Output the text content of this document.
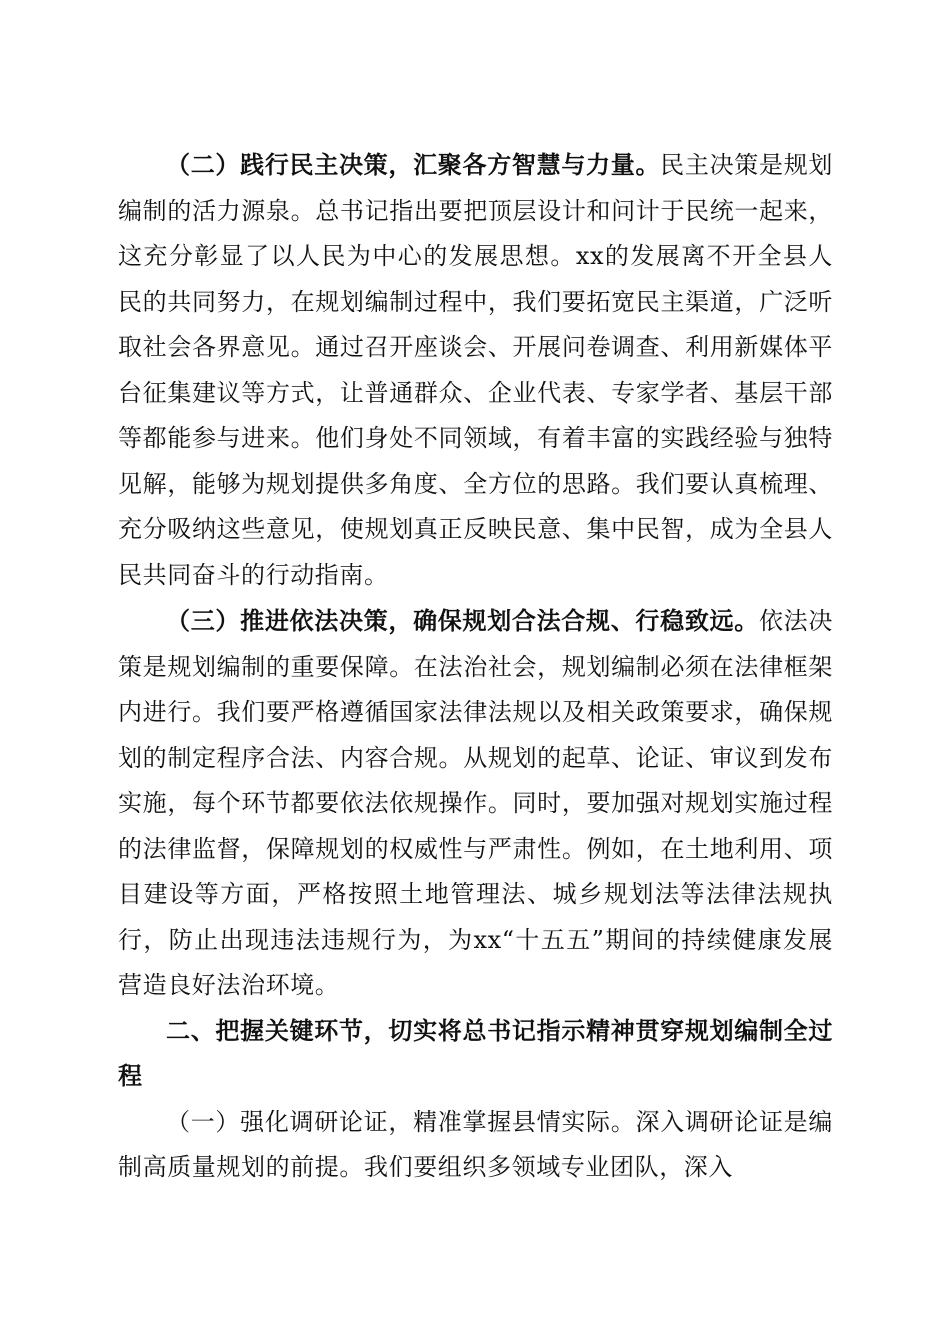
（二）践行民主决策，汇聚各方智慧与力量。民主决策是规划编制的活力源泉。总书记指出要把顶层设计和问计于民统一起来，这充分彰显了以人民为中心的发展思想。xx的发展离不开全县人民的共同努力，在规划编制过程中，我们要拓宽民主渠道，广泛听取社会各界意见。通过召开座谈会、开展问卷调查、利用新媒体平台征集建议等方式，让普通群众、企业代表、专家学者、基层干部等都能参与进来。他们身处不同领域，有着丰富的实践经验与独特见解，能够为规划提供多角度、全方位的思路。我们要认真梳理、充分吸纳这些意见，使规划真正反映民意、集中民智，成为全县人民共同奋斗的行动指南。

（三）推进依法决策，确保规划合法合规、行稳致远。依法决策是规划编制的重要保障。在法治社会，规划编制必须在法律框架内进行。我们要严格遵循国家法律法规以及相关政策要求，确保规划的制定程序合法、内容合规。从规划的起草、论证、审议到发布实施，每个环节都要依法依规操作。同时，要加强对规划实施过程的法律监督，保障规划的权威性与严肃性。例如，在土地利用、项目建设等方面，严格按照土地管理法、城乡规划法等法律法规执行，防止出现违法违规行为，为xx“十五五”期间的持续健康发展营造良好法治环境。

二、把握关键环节，切实将总书记指示精神贯穿规划编制全过程

（一）强化调研论证，精准掌握县情实际。深入调研论证是编制高质量规划的前提。我们要组织多领域专业团队，深入
